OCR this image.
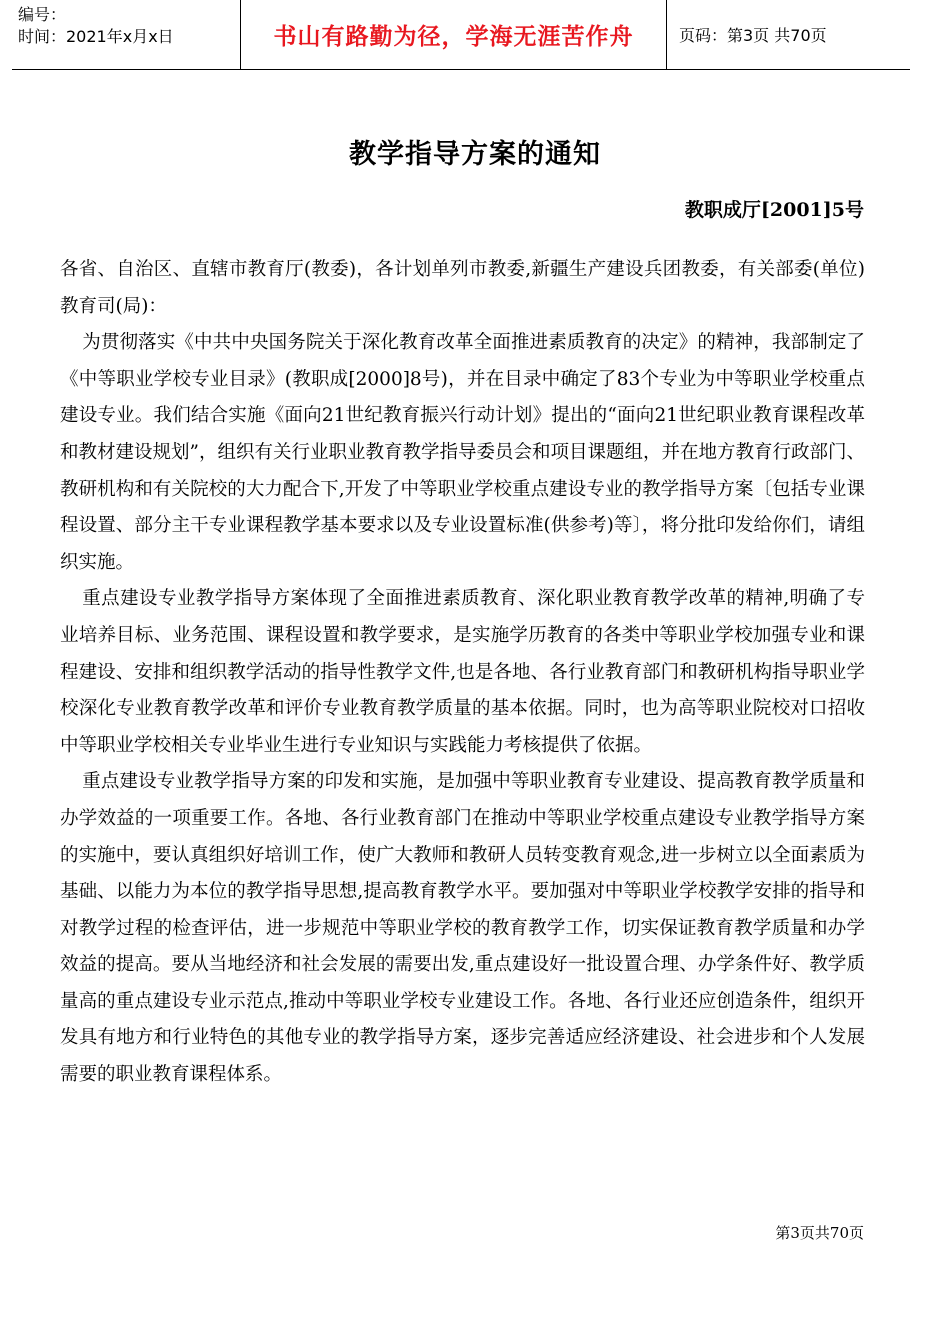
编号：
时间：2021年x月x日	书山有路勤为径，学海无涯苦作舟	页码：第3页 共70页
教学指导方案的通知
教职成厅[2001]5号

各省、自治区、直辖市教育厅(教委)，各计划单列市教委,新疆生产建设兵团教委，有关部委(单位)教育司(局)：

为贯彻落实《中共中央国务院关于深化教育改革全面推进素质教育的决定》的精神，我部制定了《中等职业学校专业目录》(教职成[2000]8号)，并在目录中确定了83个专业为中等职业学校重点建设专业。我们结合实施《面向21世纪教育振兴行动计划》提出的“面向21世纪职业教育课程改革和教材建设规划”，组织有关行业职业教育教学指导委员会和项目课题组，并在地方教育行政部门、教研机构和有关院校的大力配合下,开发了中等职业学校重点建设专业的教学指导方案〔包括专业课程设置、部分主干专业课程教学基本要求以及专业设置标准(供参考)等〕，将分批印发给你们，请组织实施。

重点建设专业教学指导方案体现了全面推进素质教育、深化职业教育教学改革的精神,明确了专业培养目标、业务范围、课程设置和教学要求，是实施学历教育的各类中等职业学校加强专业和课程建设、安排和组织教学活动的指导性教学文件,也是各地、各行业教育部门和教研机构指导职业学校深化专业教育教学改革和评价专业教育教学质量的基本依据。同时，也为高等职业院校对口招收中等职业学校相关专业毕业生进行专业知识与实践能力考核提供了依据。

重点建设专业教学指导方案的印发和实施，是加强中等职业教育专业建设、提高教育教学质量和办学效益的一项重要工作。各地、各行业教育部门在推动中等职业学校重点建设专业教学指导方案的实施中，要认真组织好培训工作，使广大教师和教研人员转变教育观念,进一步树立以全面素质为基础、以能力为本位的教学指导思想,提高教育教学水平。要加强对中等职业学校教学安排的指导和对教学过程的检查评估，进一步规范中等职业学校的教育教学工作，切实保证教育教学质量和办学效益的提高。要从当地经济和社会发展的需要出发,重点建设好一批设置合理、办学条件好、教学质量高的重点建设专业示范点,推动中等职业学校专业建设工作。各地、各行业还应创造条件，组织开发具有地方和行业特色的其他专业的教学指导方案，逐步完善适应经济建设、社会进步和个人发展需要的职业教育课程体系。

第3页共70页
